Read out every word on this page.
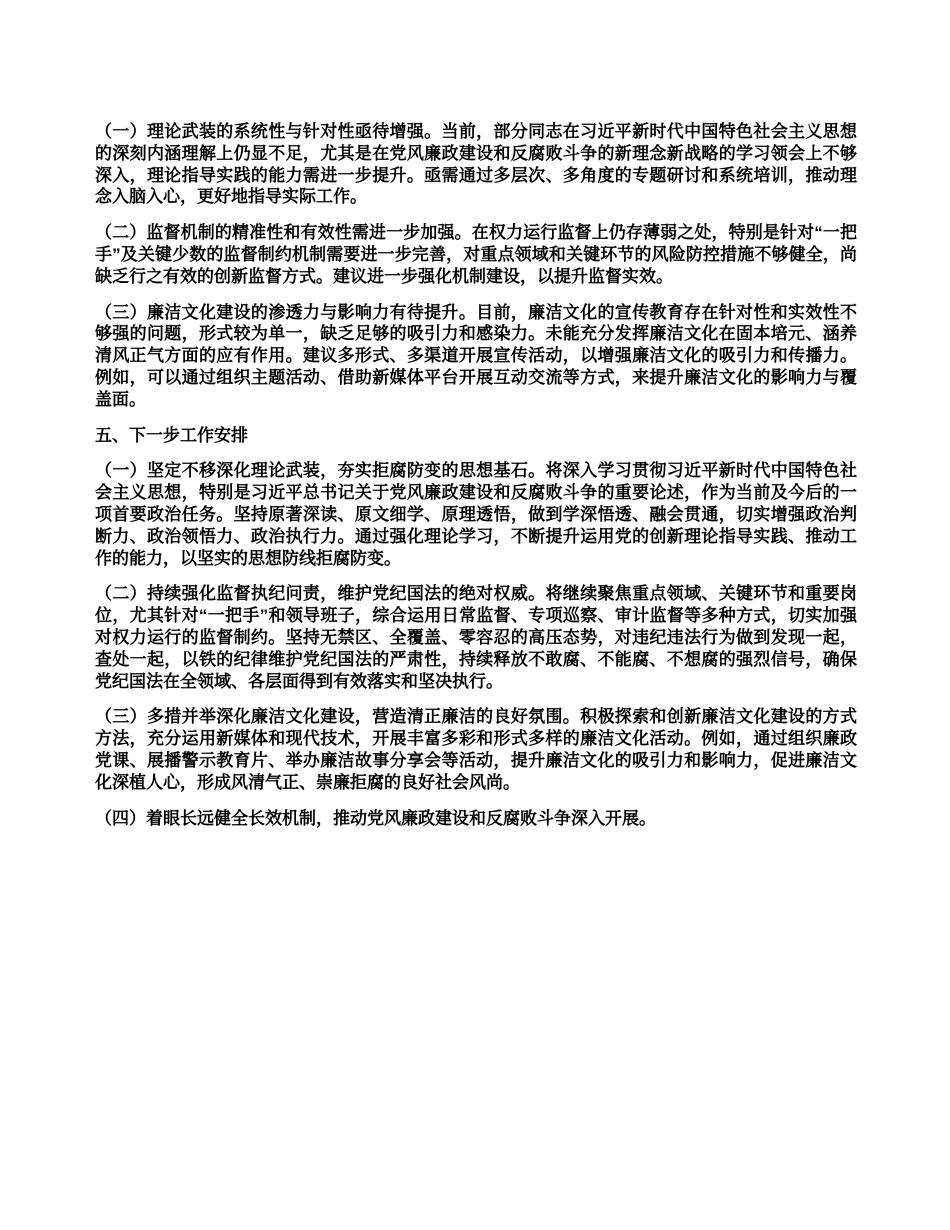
（一）理论武装的系统性与针对性亟待增强。当前，部分同志在习近平新时代中国特色社会主义思想的深刻内涵理解上仍显不足，尤其是在党风廉政建设和反腐败斗争的新理念新战略的学习领会上不够深入，理论指导实践的能力需进一步提升。亟需通过多层次、多角度的专题研讨和系统培训，推动理念入脑入心，更好地指导实际工作。

（二）监督机制的精准性和有效性需进一步加强。在权力运行监督上仍存薄弱之处，特别是针对“一把手”及关键少数的监督制约机制需要进一步完善，对重点领域和关键环节的风险防控措施不够健全，尚缺乏行之有效的创新监督方式。建议进一步强化机制建设，以提升监督实效。

（三）廉洁文化建设的渗透力与影响力有待提升。目前，廉洁文化的宣传教育存在针对性和实效性不够强的问题，形式较为单一，缺乏足够的吸引力和感染力。未能充分发挥廉洁文化在固本培元、涵养清风正气方面的应有作用。建议多形式、多渠道开展宣传活动，以增强廉洁文化的吸引力和传播力。例如，可以通过组织主题活动、借助新媒体平台开展互动交流等方式，来提升廉洁文化的影响力与覆盖面。

五、下一步工作安排

（一）坚定不移深化理论武装，夯实拒腐防变的思想基石。将深入学习贯彻习近平新时代中国特色社会主义思想，特别是习近平总书记关于党风廉政建设和反腐败斗争的重要论述，作为当前及今后的一项首要政治任务。坚持原著深读、原文细学、原理透悟，做到学深悟透、融会贯通，切实增强政治判断力、政治领悟力、政治执行力。通过强化理论学习，不断提升运用党的创新理论指导实践、推动工作的能力，以坚实的思想防线拒腐防变。

（二）持续强化监督执纪问责，维护党纪国法的绝对权威。将继续聚焦重点领域、关键环节和重要岗位，尤其针对“一把手”和领导班子，综合运用日常监督、专项巡察、审计监督等多种方式，切实加强对权力运行的监督制约。坚持无禁区、全覆盖、零容忍的高压态势，对违纪违法行为做到发现一起，查处一起，以铁的纪律维护党纪国法的严肃性，持续释放不敢腐、不能腐、不想腐的强烈信号，确保党纪国法在全领域、各层面得到有效落实和坚决执行。

（三）多措并举深化廉洁文化建设，营造清正廉洁的良好氛围。积极探索和创新廉洁文化建设的方式方法，充分运用新媒体和现代技术，开展丰富多彩和形式多样的廉洁文化活动。例如，通过组织廉政党课、展播警示教育片、举办廉洁故事分享会等活动，提升廉洁文化的吸引力和影响力，促进廉洁文化深植人心，形成风清气正、崇廉拒腐的良好社会风尚。

（四）着眼长远健全长效机制，推动党风廉政建设和反腐败斗争深入开展。
